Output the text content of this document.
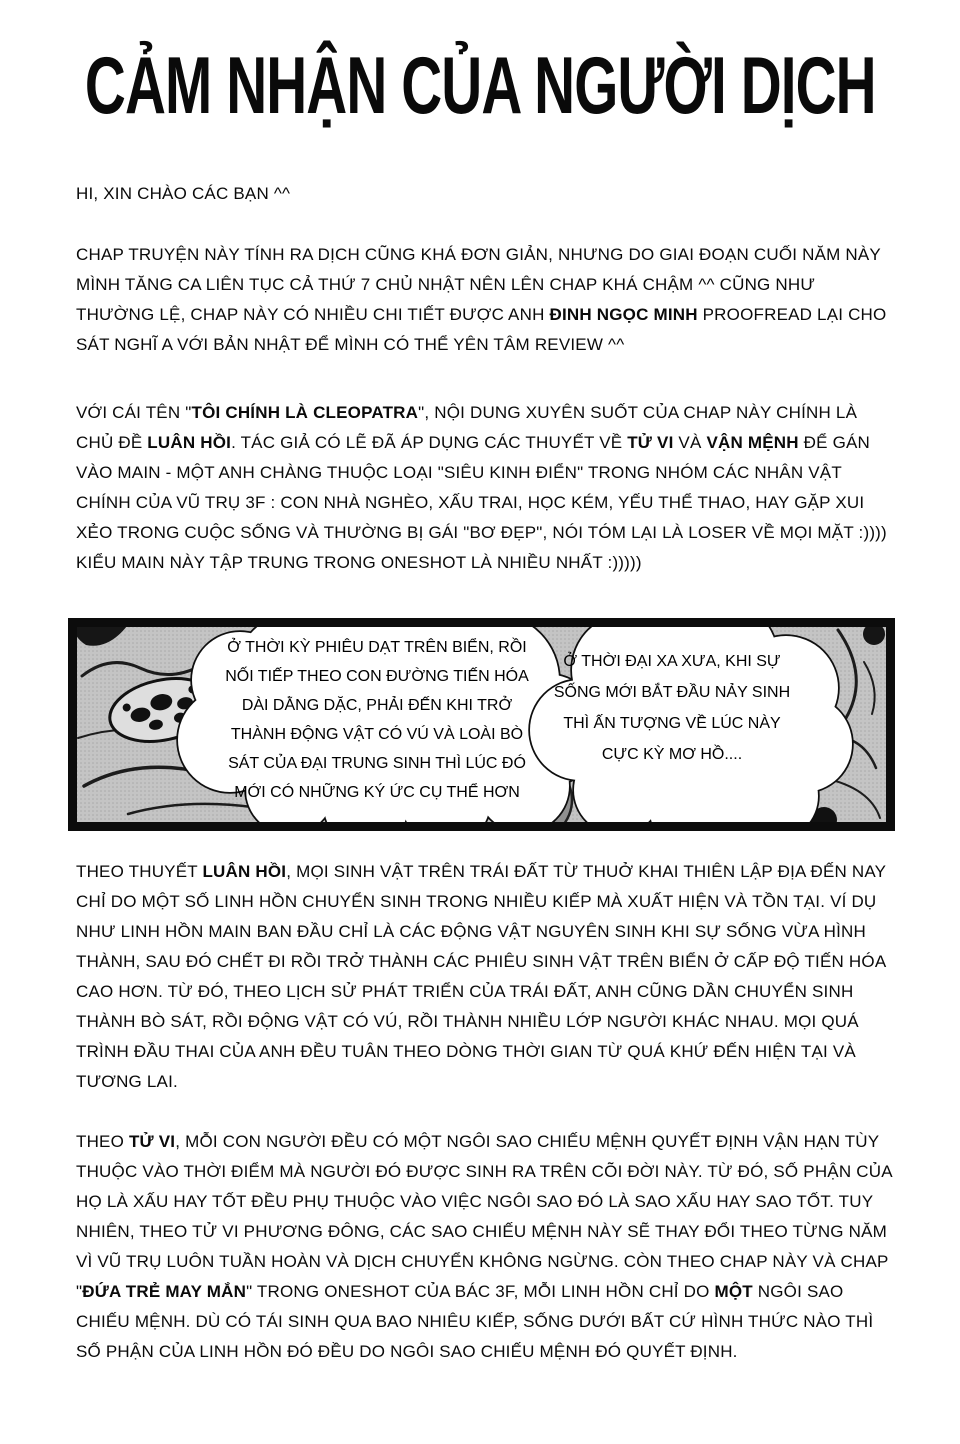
CẢM NHẬN CỦA NGƯỜI DỊCH

HI, XIN CHÀO CÁC BẠN ^^

CHAP TRUYỆN NÀY TÍNH RA DỊCH CŨNG KHÁ ĐƠN GIẢN, NHƯNG DO GIAI ĐOẠN CUỐI NĂM NÀY MÌNH TĂNG CA LIÊN TỤC CẢ THỨ 7 CHỦ NHẬT NÊN LÊN CHAP KHÁ CHẬM ^^ CŨNG NHƯ THƯỜNG LỆ, CHAP NÀY CÓ NHIỀU CHI TIẾT ĐƯỢC ANH ĐINH NGỌC MINH PROOFREAD LẠI CHO SÁT NGHĨ A VỚI BẢN NHẬT ĐỂ MÌNH CÓ THỂ YÊN TÂM REVIEW ^^

VỚI CÁI TÊN "TÔI CHÍNH LÀ CLEOPATRA", NỘI DUNG XUYÊN SUỐT CỦA CHAP NÀY CHÍNH LÀ CHỦ ĐỀ LUÂN HỒI. TÁC GIẢ CÓ LẼ ĐÃ ÁP DỤNG CÁC THUYẾT VỀ TỬ VI VÀ VẬN MỆNH ĐỂ GÁN VÀO MAIN - MỘT ANH CHÀNG THUỘC LOẠI "SIÊU KINH ĐIỂN" TRONG NHÓM CÁC NHÂN VẬT CHÍNH CỦA VŨ TRỤ 3F : CON NHÀ NGHÈO, XẤU TRAI, HỌC KÉM, YẾU THỂ THAO, HAY GẶP XUI XẺO TRONG CUỘC SỐNG VÀ THƯỜNG BỊ GÁI "BƠ ĐẸP", NÓI TÓM LẠI LÀ LOSER VỀ MỌI MẶT :)))) KIỂU MAIN NÀY TẬP TRUNG TRONG ONESHOT LÀ NHIỀU NHẤT :)))))

Ở THỜI KỲ PHIÊU DẠT TRÊN BIỂN, RỒI NỐI TIẾP THEO CON ĐƯỜNG TIẾN HÓA DÀI DẰNG DẶC, PHẢI ĐẾN KHI TRỞ THÀNH ĐỘNG VẬT CÓ VÚ VÀ LOÀI BÒ SÁT CỦA ĐẠI TRUNG SINH THÌ LÚC ĐÓ MỚI CÓ NHỮNG KÝ ỨC CỤ THỂ HƠN
Ở THỜI ĐẠI XA XƯA, KHI SỰ SỐNG MỚI BẮT ĐẦU NẢY SINH THÌ ẤN TƯỢNG VỀ LÚC NÀY CỰC KỲ MƠ HỒ....

THEO THUYẾT LUÂN HỒI, MỌI SINH VẬT TRÊN TRÁI ĐẤT TỪ THUỞ KHAI THIÊN LẬP ĐỊA ĐẾN NAY CHỈ DO MỘT SỐ LINH HỒN CHUYỂN SINH TRONG NHIỀU KIẾP MÀ XUẤT HIỆN VÀ TỒN TẠI. VÍ DỤ NHƯ LINH HỒN MAIN BAN ĐẦU CHỈ LÀ CÁC ĐỘNG VẬT NGUYÊN SINH KHI SỰ SỐNG VỪA HÌNH THÀNH, SAU ĐÓ CHẾT ĐI RỒI TRỞ THÀNH CÁC PHIÊU SINH VẬT TRÊN BIỂN Ở CẤP ĐỘ TIẾN HÓA CAO HƠN. TỪ ĐÓ, THEO LỊCH SỬ PHÁT TRIỂN CỦA TRÁI ĐẤT, ANH CŨNG DẦN CHUYỂN SINH THÀNH BÒ SÁT, RỒI ĐỘNG VẬT CÓ VÚ, RỒI THÀNH NHIỀU LỚP NGƯỜI KHÁC NHAU. MỌI QUÁ TRÌNH ĐẦU THAI CỦA ANH ĐỀU TUÂN THEO DÒNG THỜI GIAN TỪ QUÁ KHỨ ĐẾN HIỆN TẠI VÀ TƯƠNG LAI.

THEO TỬ VI, MỖI CON NGƯỜI ĐỀU CÓ MỘT NGÔI SAO CHIẾU MỆNH QUYẾT ĐỊNH VẬN HẠN TÙY THUỘC VÀO THỜI ĐIỂM MÀ NGƯỜI ĐÓ ĐƯỢC SINH RA TRÊN CÕI ĐỜI NÀY. TỪ ĐÓ, SỐ PHẬN CỦA HỌ LÀ XẤU HAY TỐT ĐỀU PHỤ THUỘC VÀO VIỆC NGÔI SAO ĐÓ LÀ SAO XẤU HAY SAO TỐT. TUY NHIÊN, THEO TỬ VI PHƯƠNG ĐÔNG, CÁC SAO CHIẾU MỆNH NÀY SẼ THAY ĐỔI THEO TỪNG NĂM VÌ VŨ TRỤ LUÔN TUẦN HOÀN VÀ DỊCH CHUYỂN KHÔNG NGỪNG. CÒN THEO CHAP NÀY VÀ CHAP "ĐỨA TRẺ MAY MẮN" TRONG ONESHOT CỦA BÁC 3F, MỖI LINH HỒN CHỈ DO MỘT NGÔI SAO CHIẾU MỆNH. DÙ CÓ TÁI SINH QUA BAO NHIÊU KIẾP, SỐNG DƯỚI BẤT CỨ HÌNH THỨC NÀO THÌ SỐ PHẬN CỦA LINH HỒN ĐÓ ĐỀU DO NGÔI SAO CHIẾU MỆNH ĐÓ QUYẾT ĐỊNH.
